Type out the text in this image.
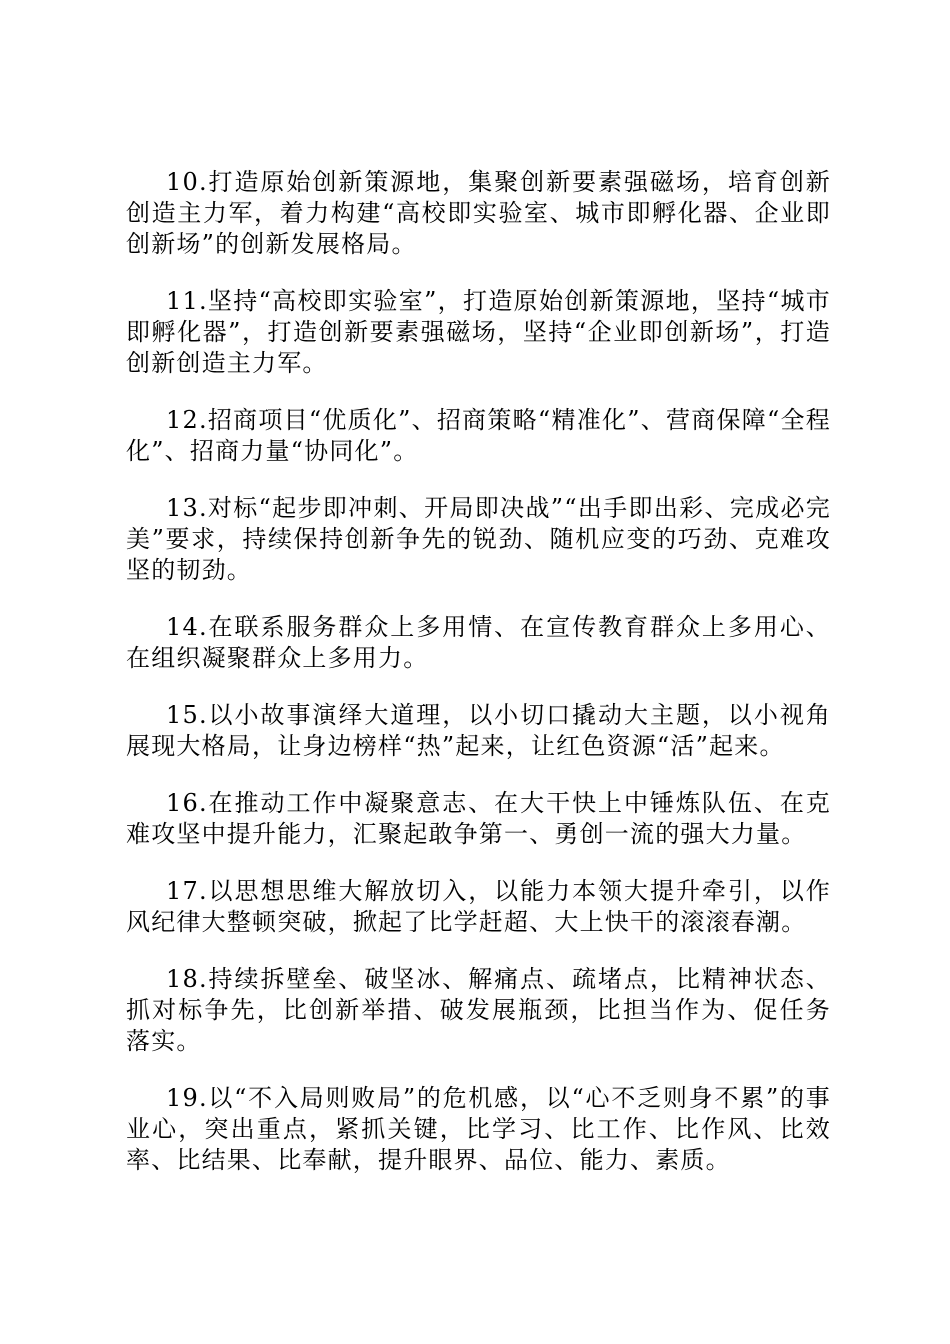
10.打造原始创新策源地，集聚创新要素强磁场，培育创新创造主力军，着力构建“高校即实验室、城市即孵化器、企业即创新场”的创新发展格局。

11.坚持“高校即实验室”，打造原始创新策源地，坚持“城市即孵化器”，打造创新要素强磁场，坚持“企业即创新场”，打造创新创造主力军。

12.招商项目“优质化”、招商策略“精准化”、营商保障“全程化”、招商力量“协同化”。

13.对标“起步即冲刺、开局即决战”“出手即出彩、完成必完美”要求，持续保持创新争先的锐劲、随机应变的巧劲、克难攻坚的韧劲。

14.在联系服务群众上多用情、在宣传教育群众上多用心、在组织凝聚群众上多用力。

15.以小故事演绎大道理，以小切口撬动大主题，以小视角展现大格局，让身边榜样“热”起来，让红色资源“活”起来。

16.在推动工作中凝聚意志、在大干快上中锤炼队伍、在克难攻坚中提升能力，汇聚起敢争第一、勇创一流的强大力量。

17.以思想思维大解放切入，以能力本领大提升牵引，以作风纪律大整顿突破，掀起了比学赶超、大上快干的滚滚春潮。

18.持续拆壁垒、破坚冰、解痛点、疏堵点，比精神状态、抓对标争先，比创新举措、破发展瓶颈，比担当作为、促任务落实。

19.以“不入局则败局”的危机感，以“心不乏则身不累”的事业心，突出重点，紧抓关键，比学习、比工作、比作风、比效率、比结果、比奉献，提升眼界、品位、能力、素质。
